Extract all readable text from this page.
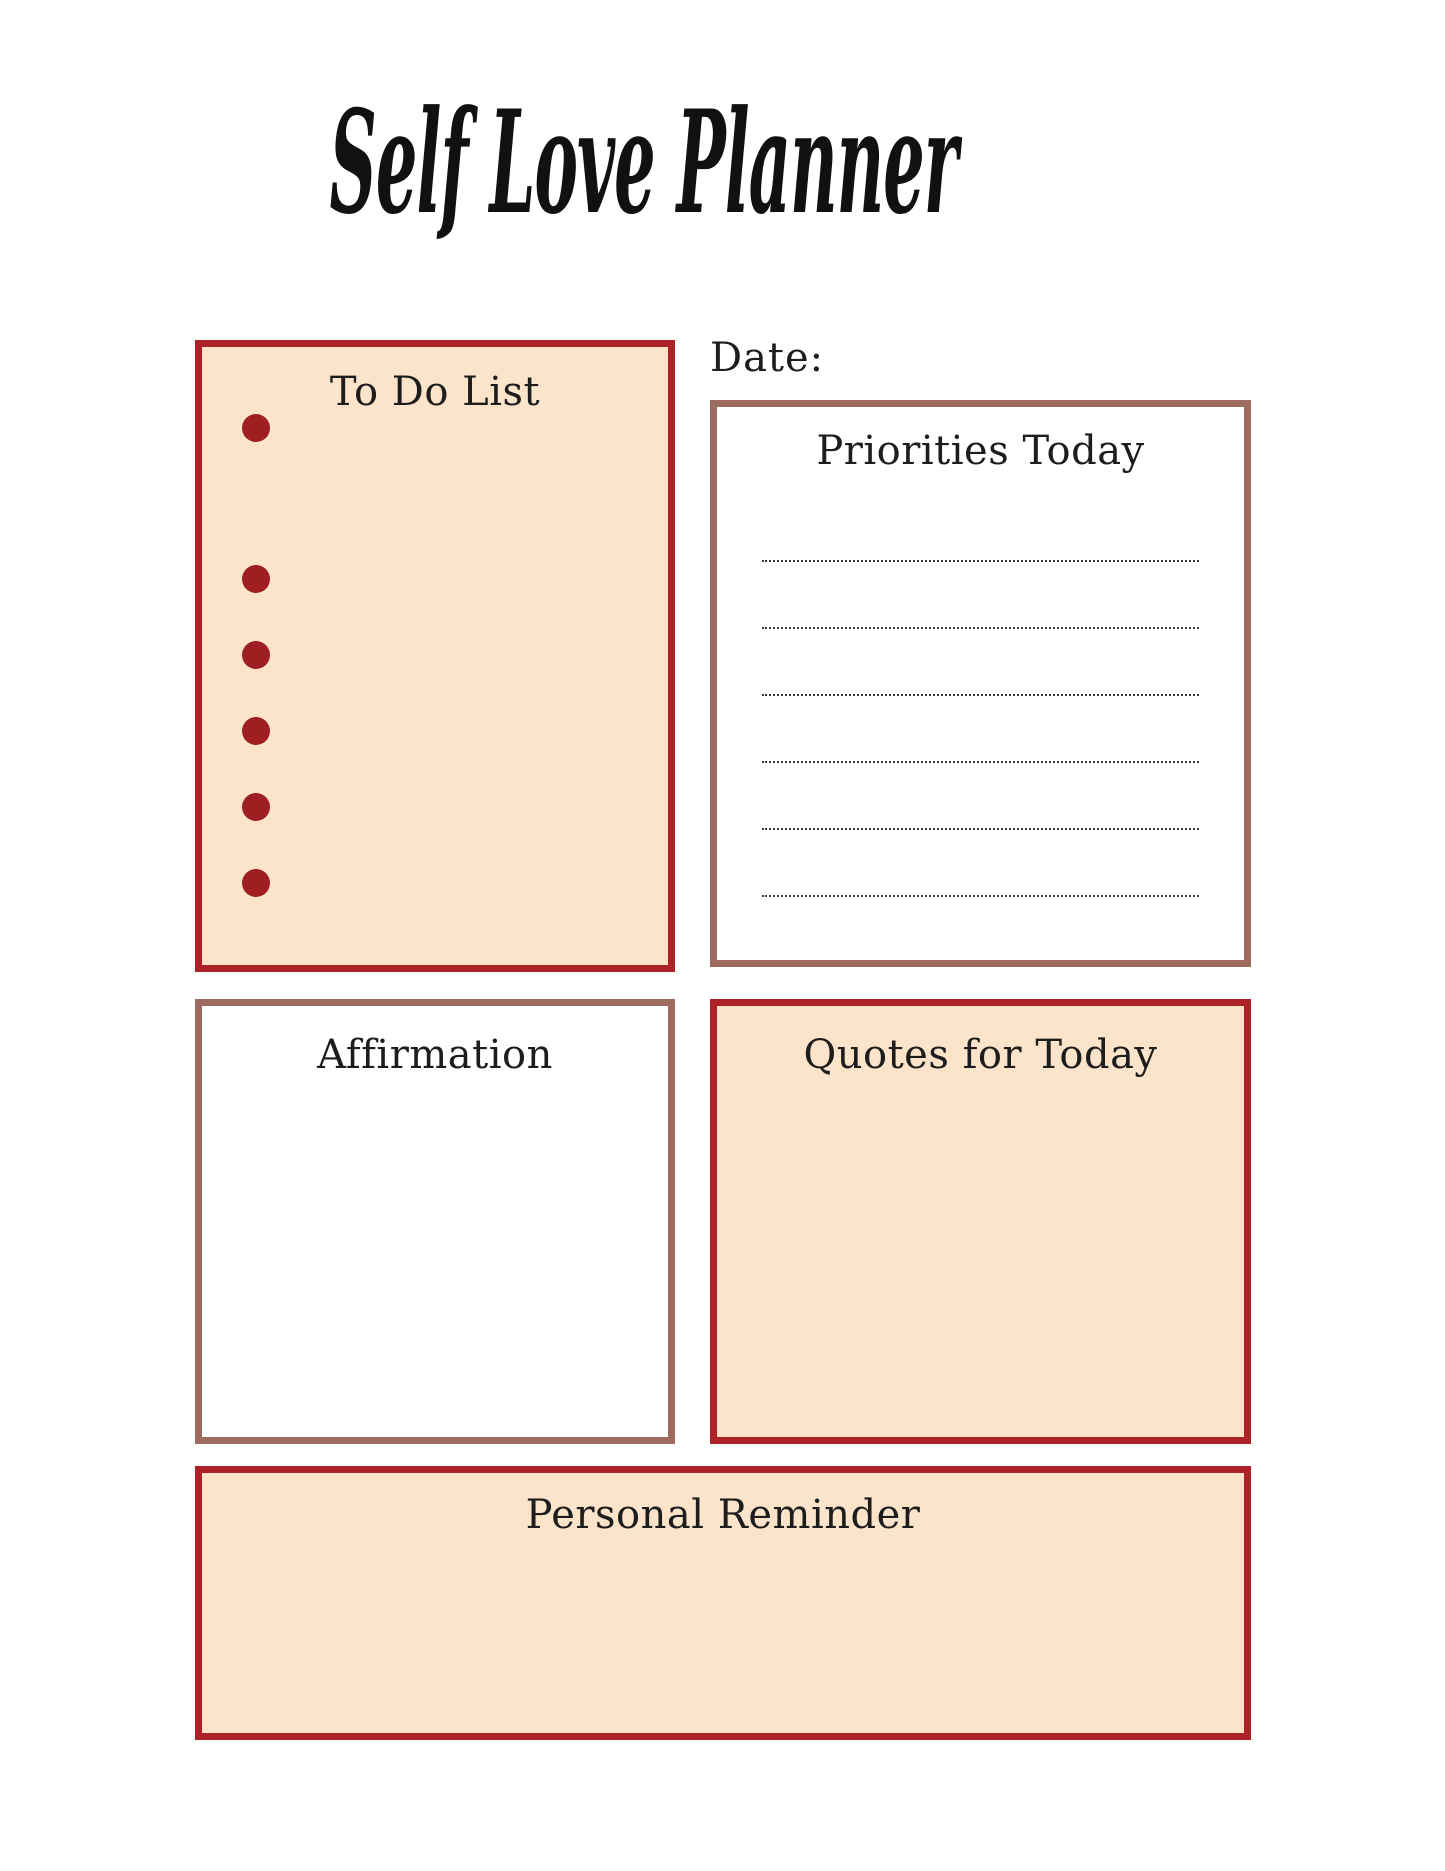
Self Love Planner
To Do List
Date:
Priorities Today
Affirmation	Quotes for Today
Personal Reminder
